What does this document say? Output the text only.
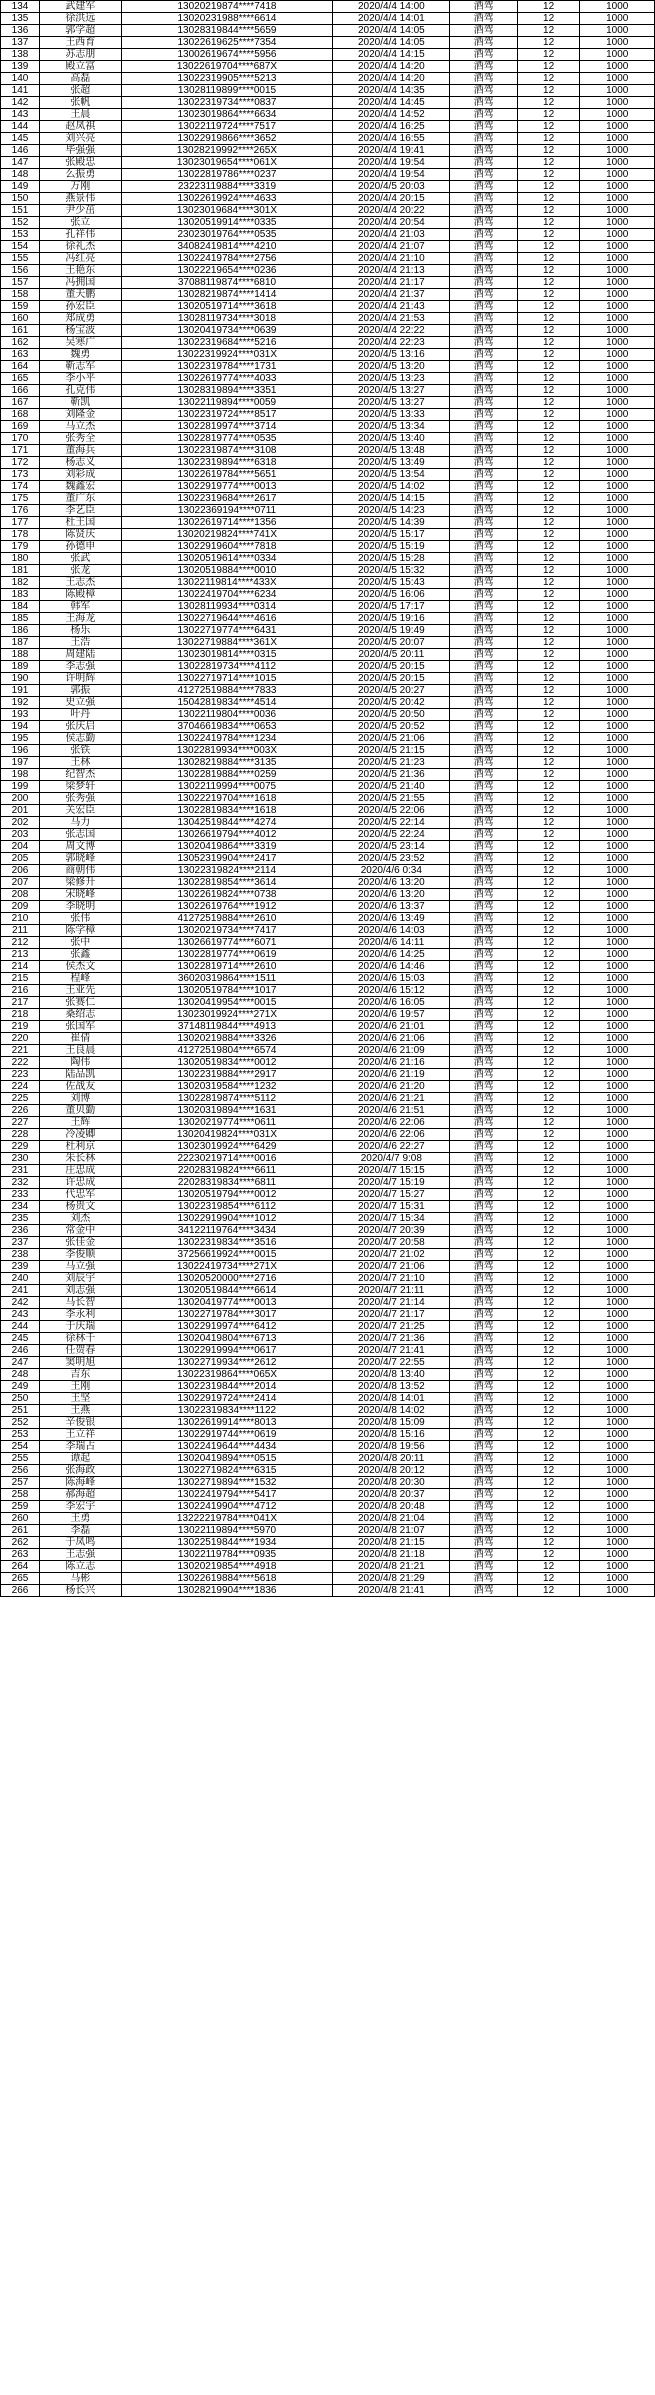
134	武建军	13020219874****7418	2020/4/4 14:00	酒驾	12	1000
135	徐洪远	13020231988****6614	2020/4/4 14:01	酒驾	12	1000
136	郭学超	13028319844****5659	2020/4/4 14:05	酒驾	12	1000
137	王西育	13022619625****7354	2020/4/4 14:05	酒驾	12	1000
138	苏志朋	13002619674****5956	2020/4/4 14:15	酒驾	12	1000
139	殿立富	13022619704****687X	2020/4/4 14:20	酒驾	12	1000
140	高磊	13022319905****5213	2020/4/4 14:20	酒驾	12	1000
141	张超	13028119899****0015	2020/4/4 14:35	酒驾	12	1000
142	张帆	13022319734****0837	2020/4/4 14:45	酒驾	12	1000
143	王晨	13023019864****6634	2020/4/4 14:52	酒驾	12	1000
144	赵凤祺	13022119724****7517	2020/4/4 16:25	酒驾	12	1000
145	刘兴亮	13022919866****3652	2020/4/4 16:55	酒驾	12	1000
146	毕强强	13028219992****265X	2020/4/4 19:41	酒驾	12	1000
147	张殿忠	13023019654****061X	2020/4/4 19:54	酒驾	12	1000
148	么振勇	13022819786****0237	2020/4/4 19:54	酒驾	12	1000
149	万刚	23223119884****3319	2020/4/5 20:03	酒驾	12	1000
150	燕景伟	13022619924****4633	2020/4/4 20:15	酒驾	12	1000
151	尹少茁	13023019684****301X	2020/4/4 20:22	酒驾	12	1000
152	张立	13020519914****0335	2020/4/4 20:54	酒驾	12	1000
153	孔祥伟	23023019764****0535	2020/4/4 21:03	酒驾	12	1000
154	徐礼杰	34082419814****4210	2020/4/4 21:07	酒驾	12	1000
155	冯红亮	13022419784****2756	2020/4/4 21:10	酒驾	12	1000
156	王艳东	13022219654****0236	2020/4/4 21:13	酒驾	12	1000
157	冯拥国	37088119874****6810	2020/4/4 21:17	酒驾	12	1000
158	董天鹏	13028219874****1414	2020/4/4 21:37	酒驾	12	1000
159	孙宏臣	13020519714****3618	2020/4/4 21:43	酒驾	12	1000
160	郑成勇	13028119734****3018	2020/4/4 21:53	酒驾	12	1000
161	杨宝波	13020419734****0639	2020/4/4 22:22	酒驾	12	1000
162	吴寒广	13022319684****5216	2020/4/4 22:23	酒驾	12	1000
163	魏勇	13022319924****031X	2020/4/5 13:16	酒驾	12	1000
164	靳志军	13022319784****1731	2020/4/5 13:20	酒驾	12	1000
165	李小平	13022619774****4033	2020/4/5 13:23	酒驾	12	1000
166	孔克伟	13028319894****3351	2020/4/5 13:27	酒驾	12	1000
167	靳凯	13022119894****0059	2020/4/5 13:27	酒驾	12	1000
168	刘隆金	13022319724****8517	2020/4/5 13:33	酒驾	12	1000
169	马立杰	13022819974****3714	2020/4/5 13:34	酒驾	12	1000
170	张秀全	13022819774****0535	2020/4/5 13:40	酒驾	12	1000
171	董海兵	13022319874****3108	2020/4/5 13:48	酒驾	12	1000
172	杨志义	13022319894****6318	2020/4/5 13:49	酒驾	12	1000
173	刘彩成	13022619784****5651	2020/4/5 13:54	酒驾	12	1000
174	魏鑫宏	13022919774****0013	2020/4/5 14:02	酒驾	12	1000
175	董广东	13022319684****2617	2020/4/5 14:15	酒驾	12	1000
176	李艺臣	13022369194****0711	2020/4/5 14:23	酒驾	12	1000
177	杜王国	13022619714****1356	2020/4/5 14:39	酒驾	12	1000
178	陈贤庆	13020219824****741X	2020/4/5 15:17	酒驾	12	1000
179	孙德申	13022919604****7818	2020/4/5 15:19	酒驾	12	1000
180	张武	13020519614****0334	2020/4/5 15:28	酒驾	12	1000
181	张龙	13020519884****0010	2020/4/5 15:32	酒驾	12	1000
182	王志杰	13022119814****433X	2020/4/5 15:43	酒驾	12	1000
183	陈殿樟	13022419704****6234	2020/4/5 16:06	酒驾	12	1000
184	韩军	13028119934****0314	2020/4/5 17:17	酒驾	12	1000
185	王海龙	13022719644****4616	2020/4/5 19:16	酒驾	12	1000
186	杨乐	13022719774****6431	2020/4/5 19:49	酒驾	12	1000
187	王浩	13022719884****361X	2020/4/5 20:07	酒驾	12	1000
188	周建陆	13023019814****0315	2020/4/5 20:11	酒驾	12	1000
189	李志强	13022819734****4112	2020/4/5 20:15	酒驾	12	1000
190	许明辉	13022719714****1015	2020/4/5 20:15	酒驾	12	1000
191	郭振	41272519884****7833	2020/4/5 20:27	酒驾	12	1000
192	史立强	15042819834****4514	2020/4/5 20:42	酒驾	12	1000
193	叶丹	13022119804****0036	2020/4/5 20:50	酒驾	12	1000
194	张庆启	37046619834****0653	2020/4/5 20:52	酒驾	12	1000
195	侯志勤	13022419784****1234	2020/4/5 21:06	酒驾	12	1000
196	张铁	13022819934****003X	2020/4/5 21:15	酒驾	12	1000
197	王林	13028219884****3135	2020/4/5 21:23	酒驾	12	1000
198	纪智杰	13022819884****0259	2020/4/5 21:36	酒驾	12	1000
199	梁梦轩	13022119994****0075	2020/4/5 21:40	酒驾	12	1000
200	张秀强	13022219704****1618	2020/4/5 21:55	酒驾	12	1000
201	关宏臣	13022819834****1618	2020/4/5 22:06	酒驾	12	1000
202	马力	13042519844****4274	2020/4/5 22:14	酒驾	12	1000
203	张志国	13026619794****4012	2020/4/5 22:24	酒驾	12	1000
204	周文博	13020419864****3319	2020/4/5 23:14	酒驾	12	1000
205	郭晓峰	13052319904****2417	2020/4/5 23:52	酒驾	12	1000
206	商朝伟	13022319824****2114	2020/4/6 0:34	酒驾	12	1000
207	梁修升	13022819854****3614	2020/4/6 13:20	酒驾	12	1000
208	宋晓峰	13022619824****0738	2020/4/6 13:20	酒驾	12	1000
209	李晓明	13022619764****1912	2020/4/6 13:37	酒驾	12	1000
210	张伟	41272519884****2610	2020/4/6 13:49	酒驾	12	1000
211	陈学樟	13020219734****7417	2020/4/6 14:03	酒驾	12	1000
212	张中	13026619774****6071	2020/4/6 14:11	酒驾	12	1000
213	张鑫	13022819774****0619	2020/4/6 14:25	酒驾	12	1000
214	侯杰文	13022819714****2610	2020/4/6 14:46	酒驾	12	1000
215	程峰	36020319864****1511	2020/4/6 15:03	酒驾	12	1000
216	王亚先	13020519784****1017	2020/4/6 15:12	酒驾	12	1000
217	张赛仁	13020419954****0015	2020/4/6 16:05	酒驾	12	1000
218	桑绍志	13023019924****271X	2020/4/6 19:57	酒驾	12	1000
219	张国军	37148119844****4913	2020/4/6 21:01	酒驾	12	1000
220	崔倩	13020219884****3326	2020/4/6 21:06	酒驾	12	1000
221	王良晨	41272519804****6574	2020/4/6 21:09	酒驾	12	1000
222	陶伟	13020519834****0012	2020/4/6 21:16	酒驾	12	1000
223	陆品凯	13022319884****2917	2020/4/6 21:19	酒驾	12	1000
224	佐战友	13020319584****1232	2020/4/6 21:20	酒驾	12	1000
225	刘博	13022819874****5112	2020/4/6 21:21	酒驾	12	1000
226	董贝勤	13020319894****1631	2020/4/6 21:51	酒驾	12	1000
227	王辉	13020219774****0611	2020/4/6 22:06	酒驾	12	1000
228	冷凌卿	13020419824****031X	2020/4/6 22:06	酒驾	12	1000
229	杜利京	13023019924****6429	2020/4/6 22:27	酒驾	12	1000
230	朱长林	22230219714****0016	2020/4/7 9:08	酒驾	12	1000
231	庄忠成	22028319824****6611	2020/4/7 15:15	酒驾	12	1000
232	许忠成	22028319834****6811	2020/4/7 15:19	酒驾	12	1000
233	代忠军	13020519794****0012	2020/4/7 15:27	酒驾	12	1000
234	杨贵文	13022319854****6112	2020/4/7 15:31	酒驾	12	1000
235	刘杰	13022919904****1012	2020/4/7 15:34	酒驾	12	1000
236	常金中	34122119764****3434	2020/4/7 20:39	酒驾	12	1000
237	张佳金	13022319834****3516	2020/4/7 20:58	酒驾	12	1000
238	李俊顺	37256619924****0015	2020/4/7 21:02	酒驾	12	1000
239	马立强	13022419734****271X	2020/4/7 21:06	酒驾	12	1000
240	刘辰宇	13020520000****2716	2020/4/7 21:10	酒驾	12	1000
241	刘志强	13020519844****6614	2020/4/7 21:11	酒驾	12	1000
242	马长智	13020419774****0013	2020/4/7 21:14	酒驾	12	1000
243	李永利	13022719784****3017	2020/4/7 21:17	酒驾	12	1000
244	于庆瑞	13022919974****6412	2020/4/7 21:25	酒驾	12	1000
245	徐林千	13020419804****6713	2020/4/7 21:36	酒驾	12	1000
246	任贺春	13022919994****0617	2020/4/7 21:41	酒驾	12	1000
247	窦明旭	13022719934****2612	2020/4/7 22:55	酒驾	12	1000
248	吉东	13022319864****065X	2020/4/8 13:40	酒驾	12	1000
249	王刚	13022319844****2014	2020/4/8 13:52	酒驾	12	1000
250	王坚	13022919724****2414	2020/4/8 14:01	酒驾	12	1000
251	王燕	13022319834****1122	2020/4/8 14:02	酒驾	12	1000
252	辛俊银	13022619914****8013	2020/4/8 15:09	酒驾	12	1000
253	王立祥	13022919744****0619	2020/4/8 15:16	酒驾	12	1000
254	李瑞占	13022419644****4434	2020/4/8 19:56	酒驾	12	1000
255	谭起	13020419894****0515	2020/4/8 20:11	酒驾	12	1000
256	张海政	13022719824****6315	2020/4/8 20:12	酒驾	12	1000
257	陈海峰	13022719894****1532	2020/4/8 20:30	酒驾	12	1000
258	郝海超	13022419794****5417	2020/4/8 20:37	酒驾	12	1000
259	李宏宇	13022419904****4712	2020/4/8 20:48	酒驾	12	1000
260	王勇	13222219784****041X	2020/4/8 21:04	酒驾	12	1000
261	李磊	13022119894****5970	2020/4/8 21:07	酒驾	12	1000
262	于凤鸣	13022519844****1934	2020/4/8 21:15	酒驾	12	1000
263	王志强	13022119784****0935	2020/4/8 21:18	酒驾	12	1000
264	陈立志	13020219854****4918	2020/4/8 21:21	酒驾	12	1000
265	马彬	13022619884****5618	2020/4/8 21:29	酒驾	12	1000
266	杨长兴	13028219904****1836	2020/4/8 21:41	酒驾	12	1000
